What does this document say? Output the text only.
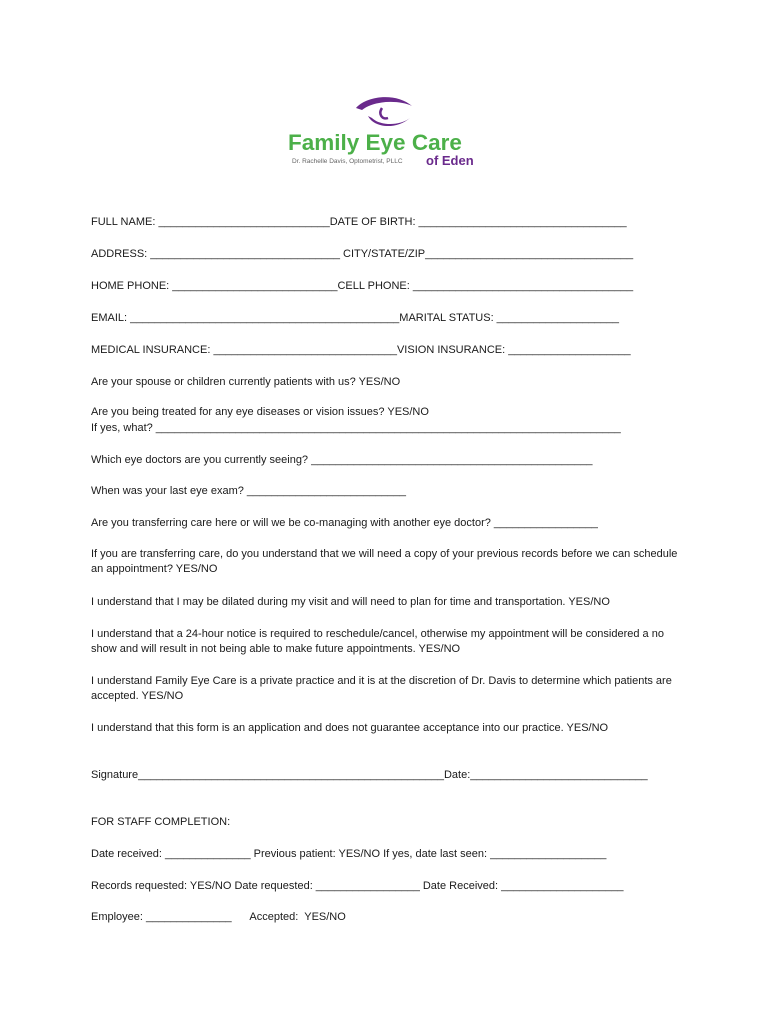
Family Eye Care
Dr. Rachelle Davis, Optometrist, PLLC of Eden
FULL NAME: ____________________________DATE OF BIRTH: __________________________________
ADDRESS: _______________________________ CITY/STATE/ZIP__________________________________
HOME PHONE: ___________________________CELL PHONE: ____________________________________
EMAIL: ____________________________________________MARITAL STATUS: ____________________
MEDICAL INSURANCE: ______________________________VISION INSURANCE: ____________________
Are your spouse or children currently patients with us? YES/NO
Are you being treated for any eye diseases or vision issues? YES/NO
If yes, what? ____________________________________________________________________________
Which eye doctors are you currently seeing? ______________________________________________
When was your last eye exam? __________________________
Are you transferring care here or will we be co-managing with another eye doctor? _________________
If you are transferring care, do you understand that we will need a copy of your previous records before we can schedule an appointment? YES/NO
I understand that I may be dilated during my visit and will need to plan for time and transportation. YES/NO
I understand that a 24-hour notice is required to reschedule/cancel, otherwise my appointment will be considered a no show and will result in not being able to make future appointments. YES/NO
I understand Family Eye Care is a private practice and it is at the discretion of Dr. Davis to determine which patients are accepted. YES/NO
I understand that this form is an application and does not guarantee acceptance into our practice. YES/NO
Signature__________________________________________________Date:_____________________________
FOR STAFF COMPLETION:
Date received: ______________ Previous patient: YES/NO If yes, date last seen: ___________________
Records requested: YES/NO Date requested: _________________ Date Received: ____________________
Employee: ______________      Accepted:  YES/NO
